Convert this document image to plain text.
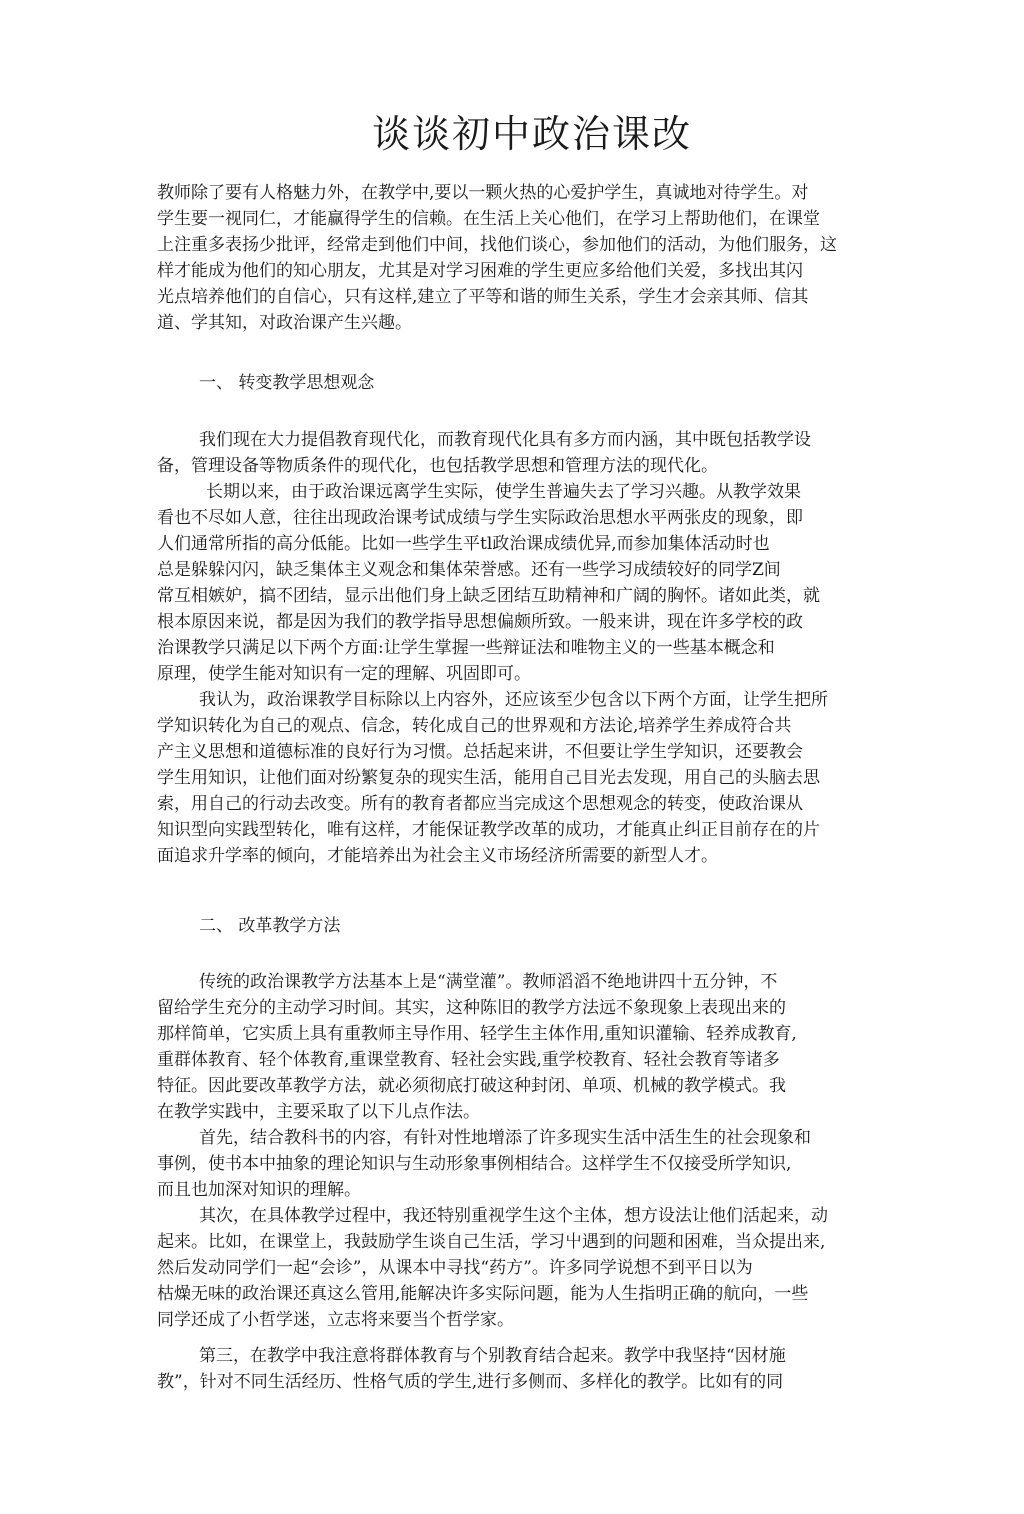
谈谈初中政治课改

教师除了要有人格魅力外，在教学中,要以一颗火热的心爱护学生，真诚地对待学生。对

学生要一视同仁，才能赢得学生的信赖。在生活上关心他们，在学习上帮助他们，在课堂

上注重多表扬少批评，经常走到他们中间，找他们谈心，参加他们的活动，为他们服务，这

样才能成为他们的知心朋友，尤其是对学习困难的学生更应多给他们关爱，多找出其闪

光点培养他们的自信心，只有这样,建立了平等和谐的师生关系，学生才会亲其师、信其

道、学其知，对政治课产生兴趣。

一、 转变教学思想观念

我们现在大力提倡教育现代化，而教育现代化具有多方而内涵，其中既包括教学设

备，管理设备等物质条件的现代化，也包括教学思想和管理方法的现代化。

长期以来，由于政治课远离学生实际，使学生普遍失去了学习兴趣。从教学效果

看也不尽如人意，往往出现政治课考试成绩与学生实际政治思想水平两张皮的现象，即

人们通常所指的高分低能。比如一些学生平tl政治课成绩优异,而参加集体活动时也

总是躲躲闪闪，缺乏集体主义观念和集体荣誉感。还有一些学习成绩较好的同学Z间

常互相嫉妒，搞不团结，显示出他们身上缺乏团结互助精神和广阔的胸怀。诸如此类，就

根本原因来说，都是因为我们的教学指导思想偏颇所致。一般来讲，现在许多学校的政

治课教学只满足以下两个方面:让学生掌握一些辩证法和唯物主义的一些基本概念和

原理，使学生能对知识有一定的理解、巩固即可。

我认为，政治课教学目标除以上内容外，还应该至少包含以下两个方面，让学生把所

学知识转化为自己的观点、信念，转化成自己的世界观和方法论,培养学生养成符合共

产主义思想和道德标准的良好行为习惯。总括起来讲，不但要让学生学知识，还要教会

学生用知识，让他们面对纷繁复杂的现实生活，能用自己目光去发现，用自己的头脑去思

索，用自己的行动去改变。所有的教育者都应当完成这个思想观念的转变，使政治课从

知识型向实践型转化，唯有这样，才能保证教学改革的成功，才能真止纠正目前存在的片

面追求升学率的倾向，才能培养出为社会主义市场经济所需要的新型人才。

二、 改革教学方法

传统的政治课教学方法基本上是“满堂灌”。教师滔滔不绝地讲四十五分钟，不

留给学生充分的主动学习时间。其实，这种陈旧的教学方法远不象现象上表现出来的

那样简单，它实质上具有重教师主导作用、轻学生主体作用,重知识灌输、轻养成教育,

重群体教育、轻个体教育,重课堂教育、轻社会实践,重学校教育、轻社会教育等诸多

特征。因此要改革教学方法，就必须彻底打破这种封闭、单项、机械的教学模式。我

在教学实践中，主要采取了以下儿点作法。

首先，结合教科书的内容，有针对性地增添了许多现实生活中活生生的社会现象和

事例，使书本中抽象的理论知识与生动形象事例相结合。这样学生不仅接受所学知识,

而且也加深对知识的理解。

其次，在具体教学过程中，我还特别重视学生这个主体，想方设法让他们活起来，动

起来。比如，在课堂上，我鼓励学生谈自己生活，学习屮遇到的问题和困难，当众提出来,

然后发动同学们一起“会诊”，从课本中寻找“药方”。许多同学说想不到平日以为

枯燥无味的政治课还真这么管用,能解决许多实际问题，能为人生指明正确的航向，一些

同学还成了小哲学迷，立志将来要当个哲学家。

第三，在教学中我注意将群体教育与个别教育结合起来。教学中我坚持“因材施

教”，针对不同生活经历、性格气质的学生,进行多侧而、多样化的教学。比如有的同
